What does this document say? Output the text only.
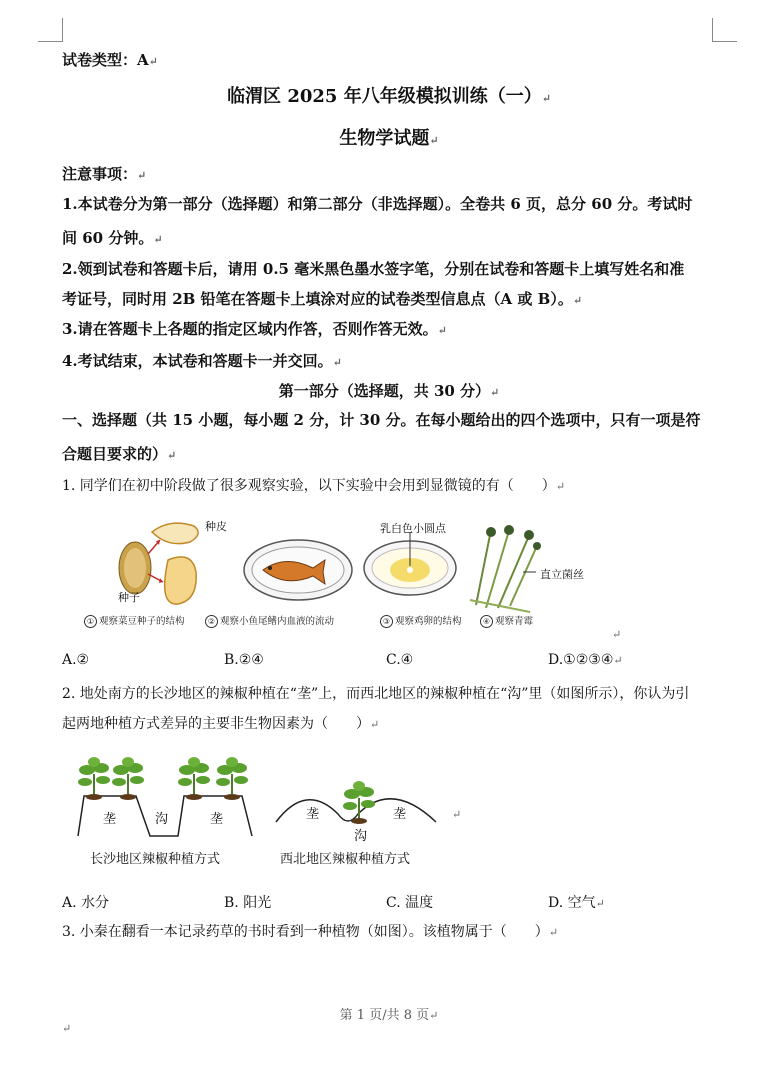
试卷类型：A↵
临渭区 2025 年八年级模拟训练（一）↵
生物学试题↵
注意事项：↵
1.本试卷分为第一部分（选择题）和第二部分（非选择题）。全卷共 6 页，总分 60 分。考试时
间 60 分钟。↵
2.领到试卷和答题卡后，请用 0.5 毫米黑色墨水签字笔，分别在试卷和答题卡上填写姓名和准
考证号，同时用 2B 铅笔在答题卡上填涂对应的试卷类型信息点（A 或 B）。↵
3.请在答题卡上各题的指定区域内作答，否则作答无效。↵
4.考试结束，本试卷和答题卡一并交回。↵
第一部分（选择题，共 30 分）↵
一、选择题（共 15 小题，每小题 2 分，计 30 分。在每小题给出的四个选项中，只有一项是符
合题目要求的）↵
1. 同学们在初中阶段做了很多观察实验，以下实验中会用到显微镜的有（　　）↵
种皮
种子
乳白色小圆点
直立菌丝
① 观察菜豆种子的结构	② 观察小鱼尾鳍内血液的流动	③ 观察鸡卵的结构	④ 观察青霉
↵
A.②	B.②④	C.④	D.①②③④↵
2. 地处南方的长沙地区的辣椒种植在“垄”上，而西北地区的辣椒种植在“沟”里（如图所示），你认为引
起两地种植方式差异的主要非生物因素为（　　）↵
垄	沟	垄	垄	垄
沟
↵
长沙地区辣椒种植方式	西北地区辣椒种植方式
A. 水分	B. 阳光	C. 温度	D. 空气↵
3. 小秦在翻看一本记录药草的书时看到一种植物（如图）。该植物属于（　　）↵
第 1 页/共 8 页↵
↵
